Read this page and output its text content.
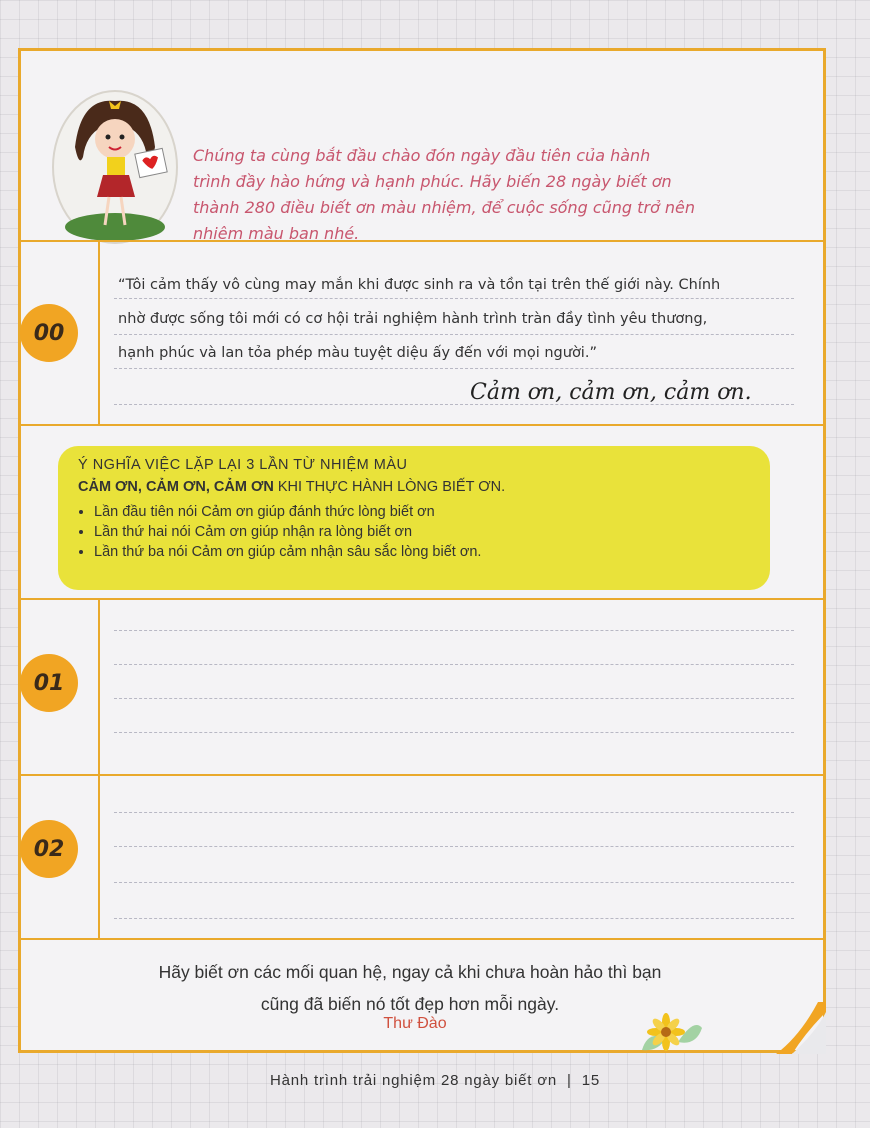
Chúng ta cùng bắt đầu chào đón ngày đầu tiên của hành
trình đầy hào hứng và hạnh phúc. Hãy biến 28 ngày biết ơn
thành 280 điều biết ơn màu nhiệm, để cuộc sống cũng trở nên
nhiệm màu bạn nhé.

00
01
02

“Tôi cảm thấy vô cùng may mắn khi được sinh ra và tồn tại trên thế giới này. Chính
nhờ được sống tôi mới có cơ hội trải nghiệm hành trình tràn đầy tình yêu thương,
hạnh phúc và lan tỏa phép màu tuyệt diệu ấy đến với mọi người.”

Cảm ơn, cảm ơn, cảm ơn.
Ý NGHĨA VIỆC LẶP LẠI 3 LẦN TỪ NHIỆM MÀU
CẢM ƠN, CẢM ƠN, CẢM ƠN KHI THỰC HÀNH LÒNG BIẾT ƠN.
• Lần đầu tiên nói Cảm ơn giúp đánh thức lòng biết ơn
• Lần thứ hai nói Cảm ơn giúp nhận ra lòng biết ơn
• Lần thứ ba nói Cảm ơn giúp cảm nhận sâu sắc lòng biết ơn.
Hãy biết ơn các mối quan hệ, ngay cả khi chưa hoàn hảo thì bạn
cũng đã biến nó tốt đẹp hơn mỗi ngày.
Thư Đào
Hành trình trải nghiệm 28 ngày biết ơn | 15
